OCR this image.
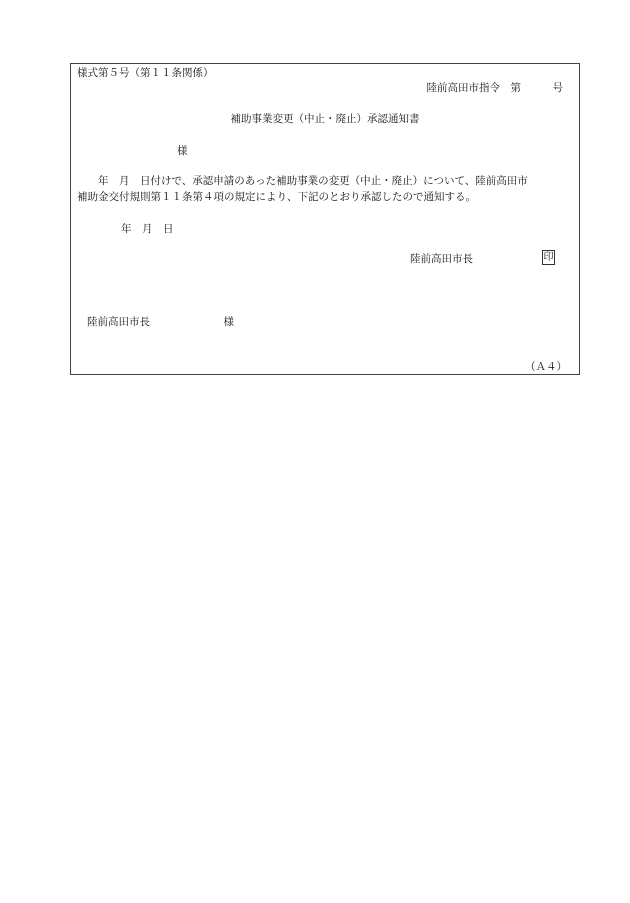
様式第５号（第１１条関係）
陸前高田市指令　第　　　号
補助事業変更（中止・廃止）承認通知書
様
年　月　日付けで、承認申請のあった補助事業の変更（中止・廃止）について、陸前高田市
補助金交付規則第１１条第４項の規定により、下記のとおり承認したので通知する。
年　月　日
陸前高田市長	印
陸前高田市長　　　　　　　様
（Ａ４）
